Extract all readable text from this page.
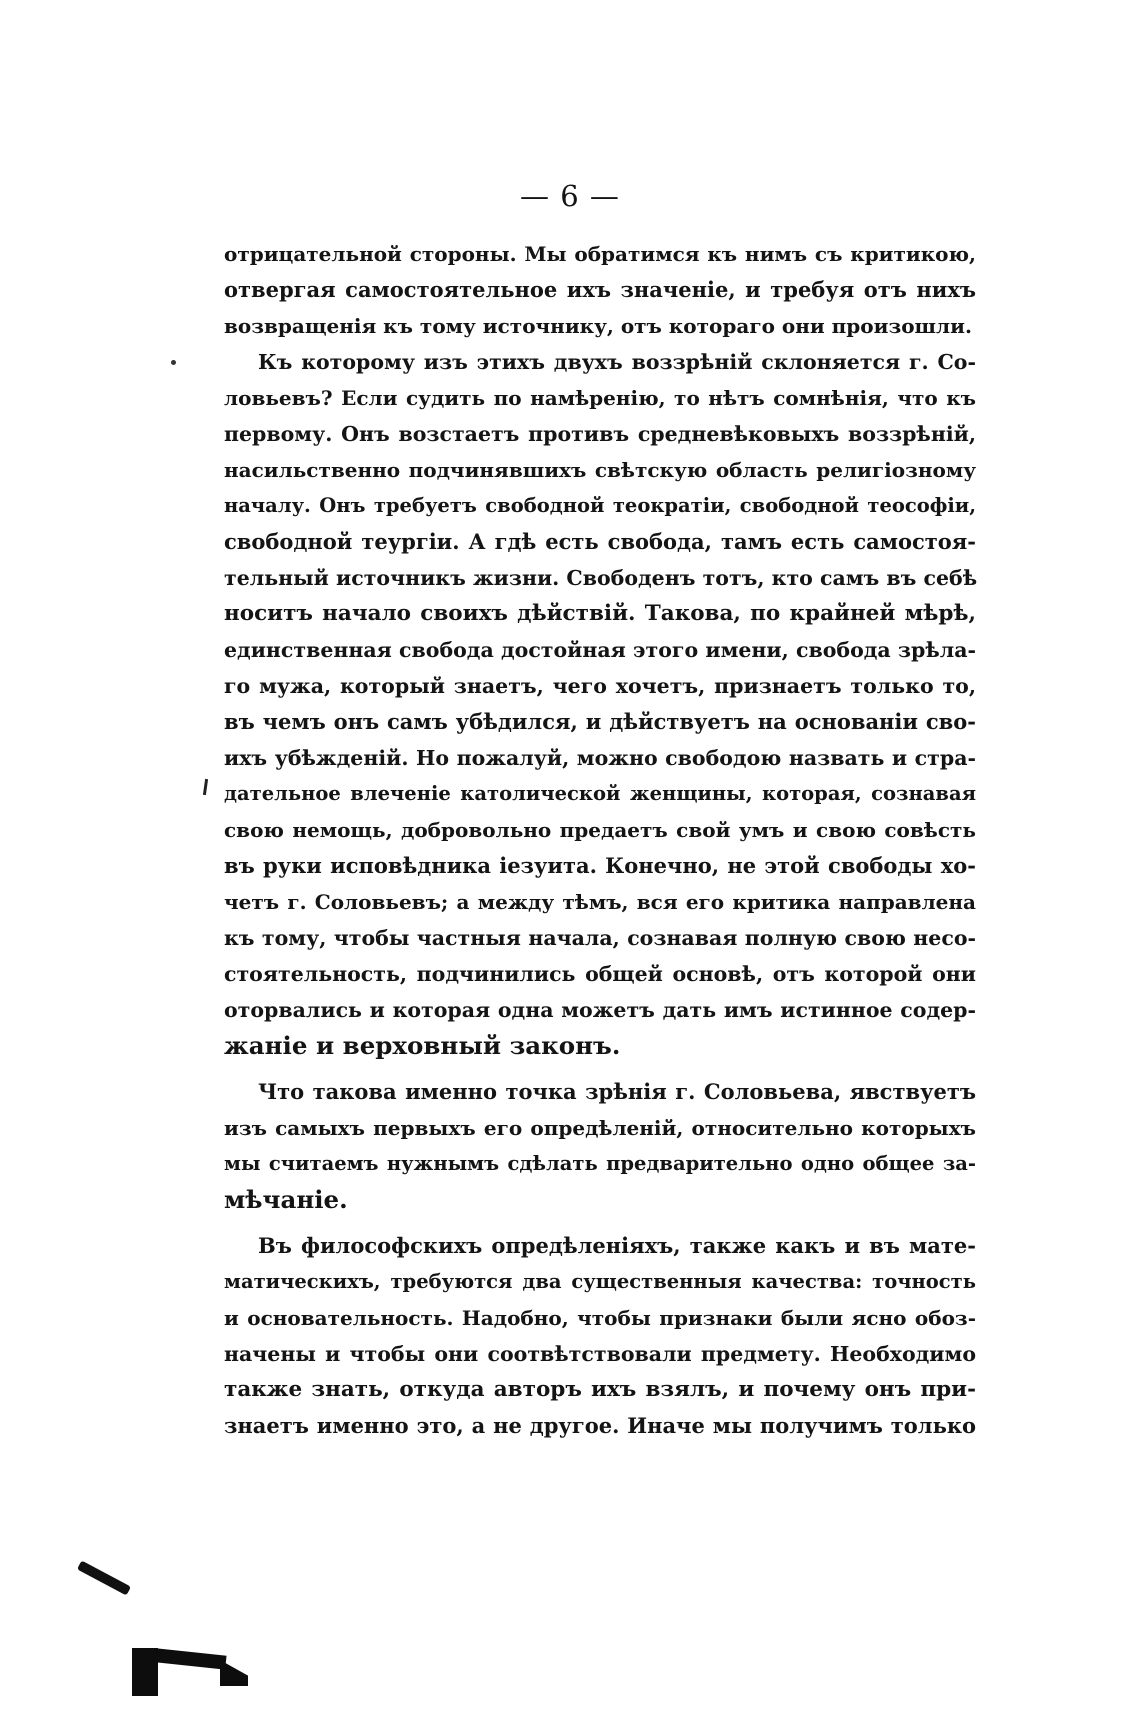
— 6 —
отрицательной стороны. Мы обратимся къ нимъ съ критикою,
отвергая самостоятельное ихъ значеніе, и требуя отъ нихъ
возвращенія къ тому источнику, отъ котораго они произошли.
Къ которому изъ этихъ двухъ воззрѣній склоняется г. Со-
ловьевъ? Если судить по намѣренію, то нѣтъ сомнѣнія, что къ
первому. Онъ возстаетъ противъ средневѣковыхъ воззрѣній,
насильственно подчинявшихъ свѣтскую область религіозному
началу. Онъ требуетъ свободной теократіи, свободной теософіи,
свободной теургіи. А гдѣ есть свобода, тамъ есть самостоя-
тельный источникъ жизни. Свободенъ тотъ, кто самъ въ себѣ
носитъ начало своихъ дѣйствій. Такова, по крайней мѣрѣ,
единственная свобода достойная этого имени, свобода зрѣла-
го мужа, который знаетъ, чего хочетъ, признаетъ только то,
въ чемъ онъ самъ убѣдился, и дѣйствуетъ на основаніи сво-
ихъ убѣжденій. Но пожалуй, можно свободою назвать и стра-
дательное влеченіе католической женщины, которая, сознавая
свою немощь, добровольно предаетъ свой умъ и свою совѣсть
въ руки исповѣдника іезуита. Конечно, не этой свободы хо-
четъ г. Соловьевъ; а между тѣмъ, вся его критика направлена
къ тому, чтобы частныя начала, сознавая полную свою несо-
стоятельность, подчинились общей основѣ, отъ которой они
оторвались и которая одна можетъ дать имъ истинное содер-
жаніе и верховный законъ.
Что такова именно точка зрѣнія г. Соловьева, явствуетъ
изъ самыхъ первыхъ его опредѣленій, относительно которыхъ
мы считаемъ нужнымъ сдѣлать предварительно одно общее за-
мѣчаніе.
Въ философскихъ опредѣленіяхъ, также какъ и въ мате-
матическихъ, требуются два существенныя качества: точность
и основательность. Надобно, чтобы признаки были ясно обоз-
начены и чтобы они соотвѣтствовали предмету. Необходимо
также знать, откуда авторъ ихъ взялъ, и почему онъ при-
знаетъ именно это, а не другое. Иначе мы получимъ только
